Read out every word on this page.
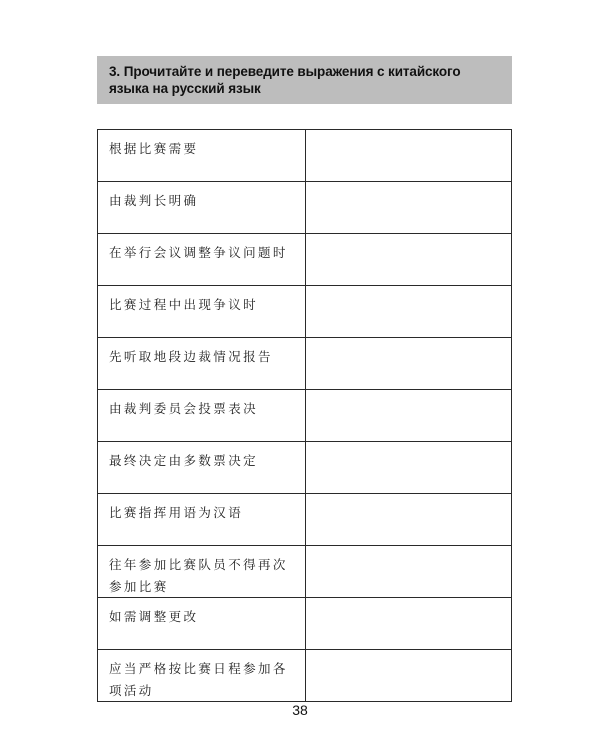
3. Прочитайте и переведите выражения с китайского языка на русский язык
根据比赛需要
由裁判长明确
在举行会议调整争议问题时
比赛过程中出现争议时
先听取地段边裁情况报告
由裁判委员会投票表决
最终决定由多数票决定
比赛指挥用语为汉语
往年参加比赛队员不得再次参加比赛
如需调整更改
应当严格按比赛日程参加各项活动
38
